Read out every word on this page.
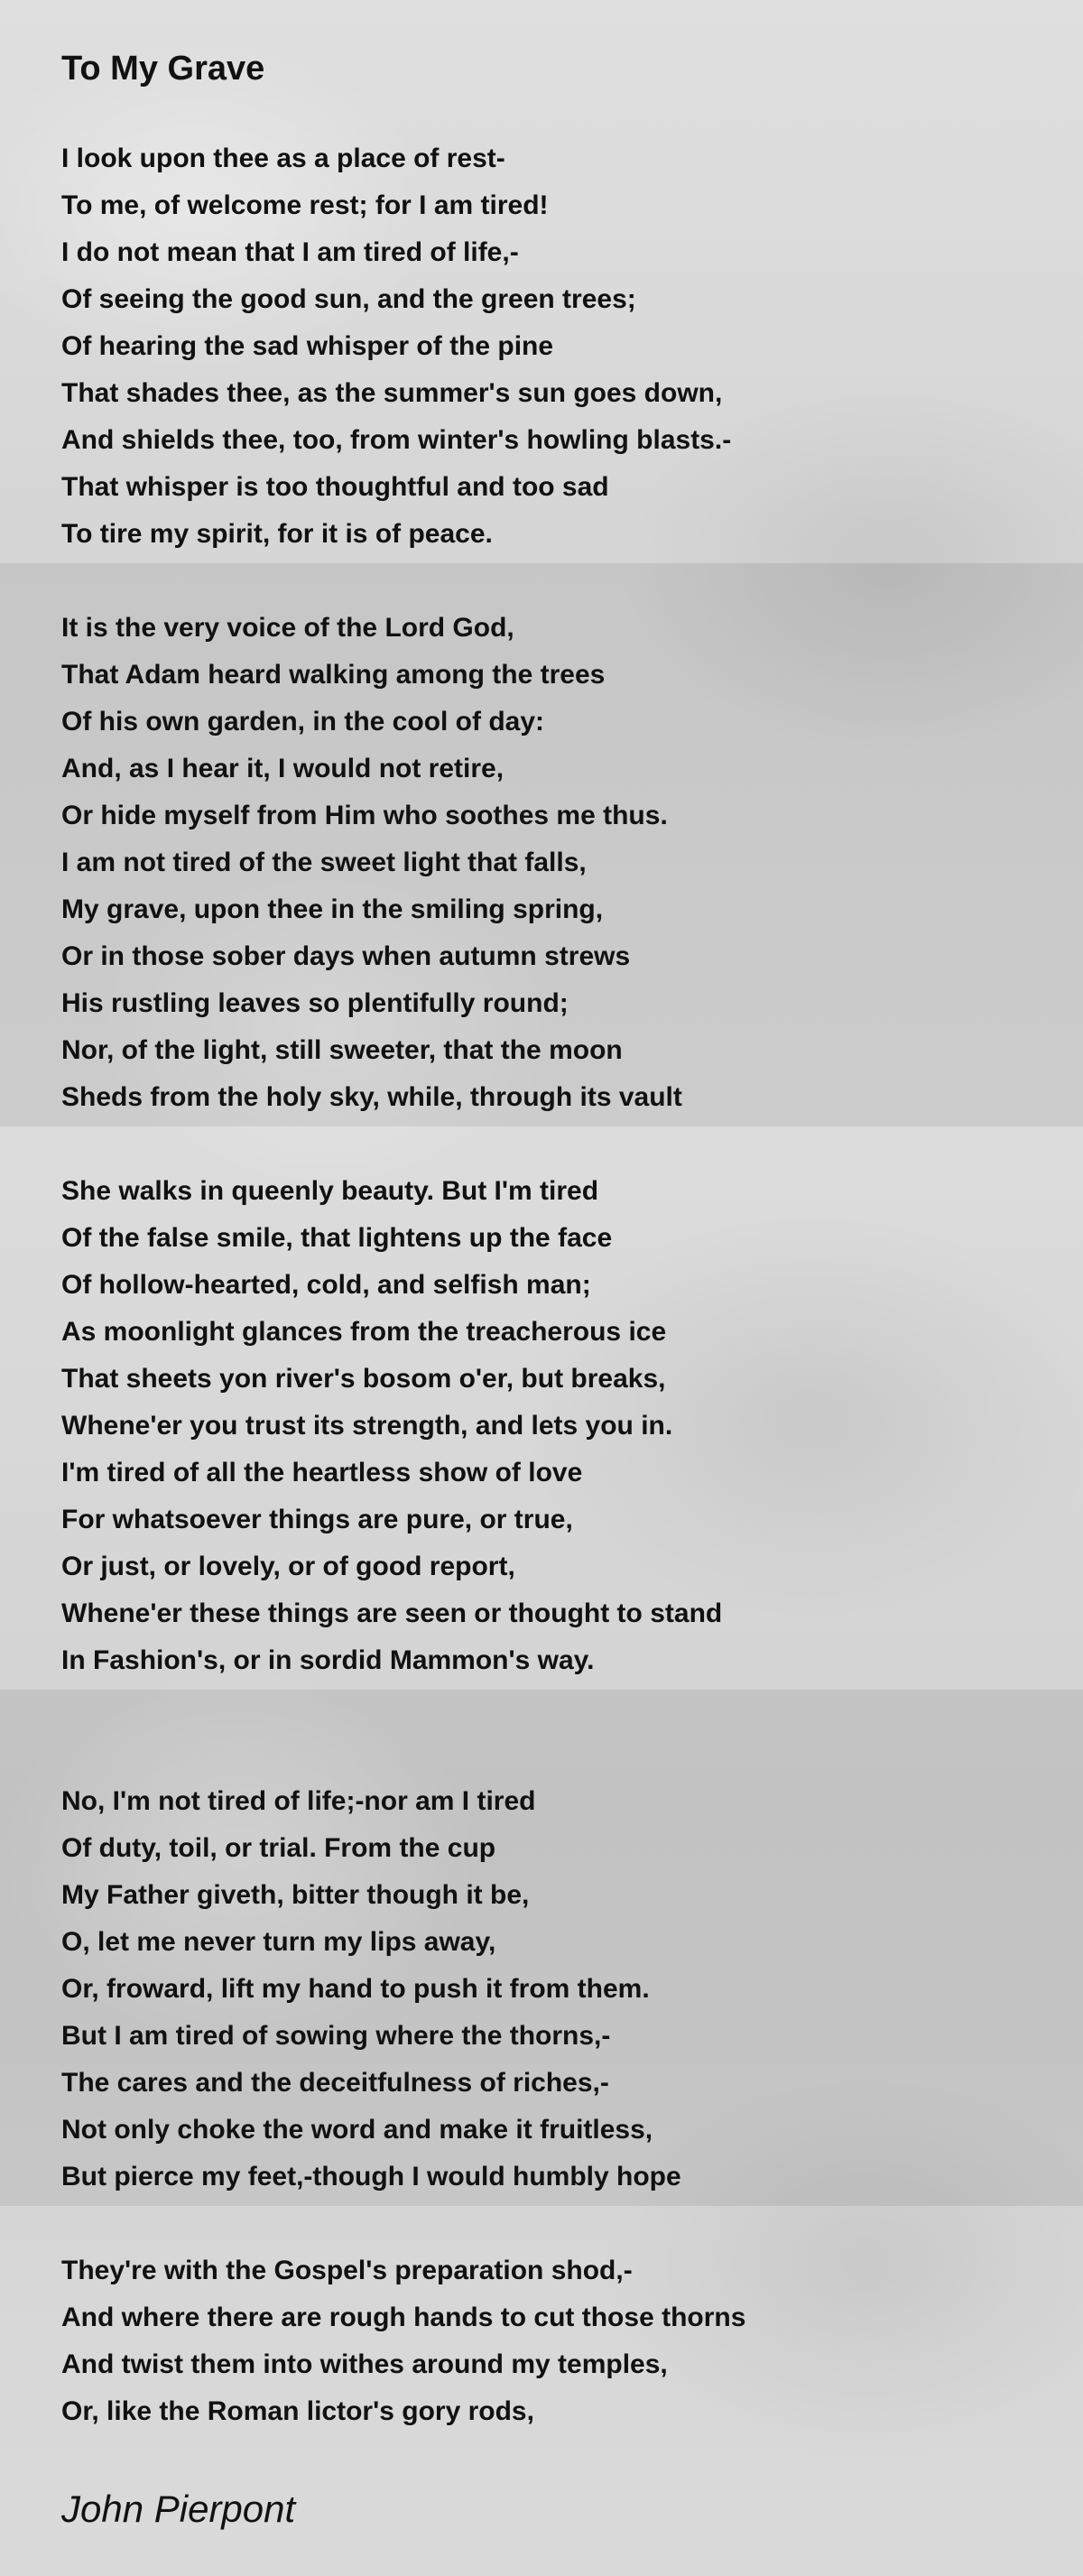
To My Grave
I look upon thee as a place of rest-
To me, of welcome rest; for I am tired!
I do not mean that I am tired of life,-
Of seeing the good sun, and the green trees;
Of hearing the sad whisper of the pine
That shades thee, as the summer's sun goes down,
And shields thee, too, from winter's howling blasts.-
That whisper is too thoughtful and too sad
To tire my spirit, for it is of peace.
It is the very voice of the Lord God,
That Adam heard walking among the trees
Of his own garden, in the cool of day:
And, as I hear it, I would not retire,
Or hide myself from Him who soothes me thus.
I am not tired of the sweet light that falls,
My grave, upon thee in the smiling spring,
Or in those sober days when autumn strews
His rustling leaves so plentifully round;
Nor, of the light, still sweeter, that the moon
Sheds from the holy sky, while, through its vault
She walks in queenly beauty. But I'm tired
Of the false smile, that lightens up the face
Of hollow-hearted, cold, and selfish man;
As moonlight glances from the treacherous ice
That sheets yon river's bosom o'er, but breaks,
Whene'er you trust its strength, and lets you in.
I'm tired of all the heartless show of love
For whatsoever things are pure, or true,
Or just, or lovely, or of good report,
Whene'er these things are seen or thought to stand
In Fashion's, or in sordid Mammon's way.
No, I'm not tired of life;-nor am I tired
Of duty, toil, or trial. From the cup
My Father giveth, bitter though it be,
O, let me never turn my lips away,
Or, froward, lift my hand to push it from them.
But I am tired of sowing where the thorns,-
The cares and the deceitfulness of riches,-
Not only choke the word and make it fruitless,
But pierce my feet,-though I would humbly hope
They're with the Gospel's preparation shod,-
And where there are rough hands to cut those thorns
And twist them into withes around my temples,
Or, like the Roman lictor's gory rods,
John Pierpont
